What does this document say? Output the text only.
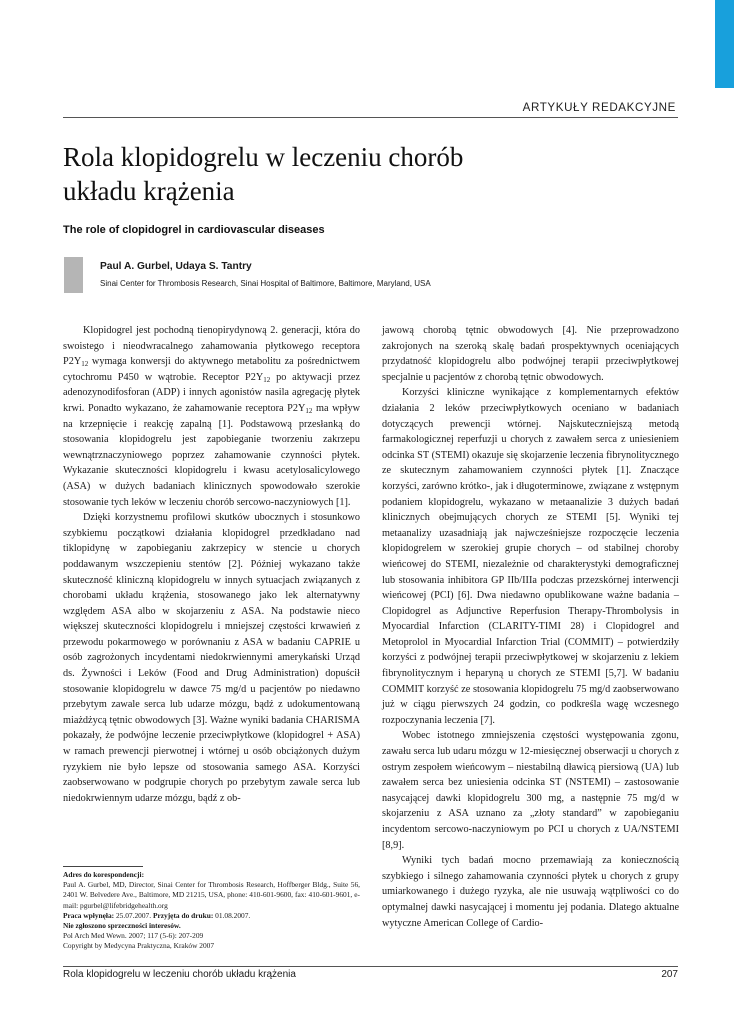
ARTYKUŁY REDAKCYJNE
Rola klopidogrelu w leczeniu chorób
układu krążenia
The role of clopidogrel in cardiovascular diseases
Paul A. Gurbel, Udaya S. Tantry
Sinai Center for Thrombosis Research, Sinai Hospital of Baltimore, Baltimore, Maryland, USA

Klopidogrel jest pochodną tienopirydynową 2. generacji, która do swoistego i nieodwracalnego zahamowania płytkowego receptora $P2Y_{12}$ wymaga konwersji do aktywnego metabolitu za pośrednictwem cytochromu P450 w wątrobie. Receptor $P2Y_{12}$ po aktywacji przez adenozynodifosforan (ADP) i innych agonistów nasila agregację płytek krwi. Ponadto wykazano, że zahamowanie receptora $P2Y_{12}$ ma wpływ na krzepnięcie i reakcję zapalną [1]. Podstawową przesłanką do stosowania klopidogrelu jest zapobieganie tworzeniu zakrzepu wewnątrznaczyniowego poprzez zahamowanie czynności płytek. Wykazanie skuteczności klopidogrelu i kwasu acetylosalicylowego (ASA) w dużych badaniach klinicznych spowodowało szerokie stosowanie tych leków w leczeniu chorób sercowo-naczyniowych [1].

Dzięki korzystnemu profilowi skutków ubocznych i stosunkowo szybkiemu początkowi działania klopidogrel przedkładano nad tiklopidynę w zapobieganiu zakrzepicy w stencie u chorych poddawanym wszczepieniu stentów [2]. Później wykazano także skuteczność kliniczną klopidogrelu w innych sytuacjach związanych z chorobami układu krążenia, stosowanego jako lek alternatywny względem ASA albo w skojarzeniu z ASA. Na podstawie nieco większej skuteczności klopidogrelu i mniejszej częstości krwawień z przewodu pokarmowego w porównaniu z ASA w badaniu CAPRIE u osób zagrożonych incydentami niedokrwiennymi amerykański Urząd ds. Żywności i Leków (Food and Drug Administration) dopuścił stosowanie klopidogrelu w dawce 75 mg/d u pacjentów po niedawno przebytym zawale serca lub udarze mózgu, bądź z udokumentowaną miażdżycą tętnic obwodowych [3]. Ważne wyniki badania CHARISMA pokazały, że podwójne leczenie przeciwpłytkowe (klopidogrel + ASA) w ramach prewencji pierwotnej i wtórnej u osób obciążonych dużym ryzykiem nie było lepsze od stosowania samego ASA. Korzyści zaobserwowano w podgrupie chorych po przebytym zawale serca lub niedokrwiennym udarze mózgu, bądź z ob-

jawową chorobą tętnic obwodowych [4]. Nie przeprowadzono zakrojonych na szeroką skalę badań prospektywnych oceniających przydatność klopidogrelu albo podwójnej terapii przeciwpłytkowej specjalnie u pacjentów z chorobą tętnic obwodowych.

Korzyści kliniczne wynikające z komplementarnych efektów działania 2 leków przeciwpłytkowych oceniano w badaniach dotyczących prewencji wtórnej. Najskuteczniejszą metodą farmakologicznej reperfuzji u chorych z zawałem serca z uniesieniem odcinka ST (STEMI) okazuje się skojarzenie leczenia fibrynolitycznego ze skutecznym zahamowaniem czynności płytek [1]. Znaczące korzyści, zarówno krótko-, jak i długoterminowe, związane z wstępnym podaniem klopidogrelu, wykazano w metaanalizie 3 dużych badań klinicznych obejmujących chorych ze STEMI [5]. Wyniki tej metaanalizy uzasadniają jak najwcześniejsze rozpoczęcie leczenia klopidogrelem w szerokiej grupie chorych – od stabilnej choroby wieńcowej do STEMI, niezależnie od charakterystyki demograficznej lub stosowania inhibitora GP IIb/IIIa podczas przezskórnej interwencji wieńcowej (PCI) [6]. Dwa niedawno opublikowane ważne badania – Clopidogrel as Adjunctive Reperfusion Therapy-Thrombolysis in Myocardial Infarction (CLARITY-TIMI 28) i Clopidogrel and Metoprolol in Myocardial Infarction Trial (COMMIT) – potwierdziły korzyści z podwójnej terapii przeciwpłytkowej w skojarzeniu z lekiem fibrynolitycznym i heparyną u chorych ze STEMI [5,7]. W badaniu COMMIT korzyść ze stosowania klopidogrelu 75 mg/d zaobserwowano już w ciągu pierwszych 24 godzin, co podkreśla wagę wczesnego rozpoczynania leczenia [7].

Wobec istotnego zmniejszenia częstości występowania zgonu, zawału serca lub udaru mózgu w 12-miesięcznej obserwacji u chorych z ostrym zespołem wieńcowym – niestabilną dławicą piersiową (UA) lub zawałem serca bez uniesienia odcinka ST (NSTEMI) – zastosowanie nasycającej dawki klopidogrelu 300 mg, a następnie 75 mg/d w skojarzeniu z ASA uznano za „złoty standard” w zapobieganiu incydentom sercowo-naczyniowym po PCI u chorych z UA/NSTEMI [8,9].

Wyniki tych badań mocno przemawiają za koniecznością szybkiego i silnego zahamowania czynności płytek u chorych z grupy umiarkowanego i dużego ryzyka, ale nie usuwają wątpliwości co do optymalnej dawki nasycającej i momentu jej podania. Dlatego aktualne wytyczne American College of Cardio-

Adres do korespondencji:
Paul A. Gurbel, MD, Director, Sinai Center for Thrombosis Research, Hoffberger Bldg., Suite 56, 2401 W. Belvedere Ave., Baltimore, MD 21215, USA, phone: 410-601-9600, fax: 410-601-9601, e-mail: pgurbel@lifebridgehealth.org
Praca wpłynęła: 25.07.2007. Przyjęta do druku: 01.08.2007.
Nie zgłoszono sprzeczności interesów.
Pol Arch Med Wewn. 2007; 117 (5-6): 207-209
Copyright by Medycyna Praktyczna, Kraków 2007
Rola klopidogrelu w leczeniu chorób układu krążenia	207
